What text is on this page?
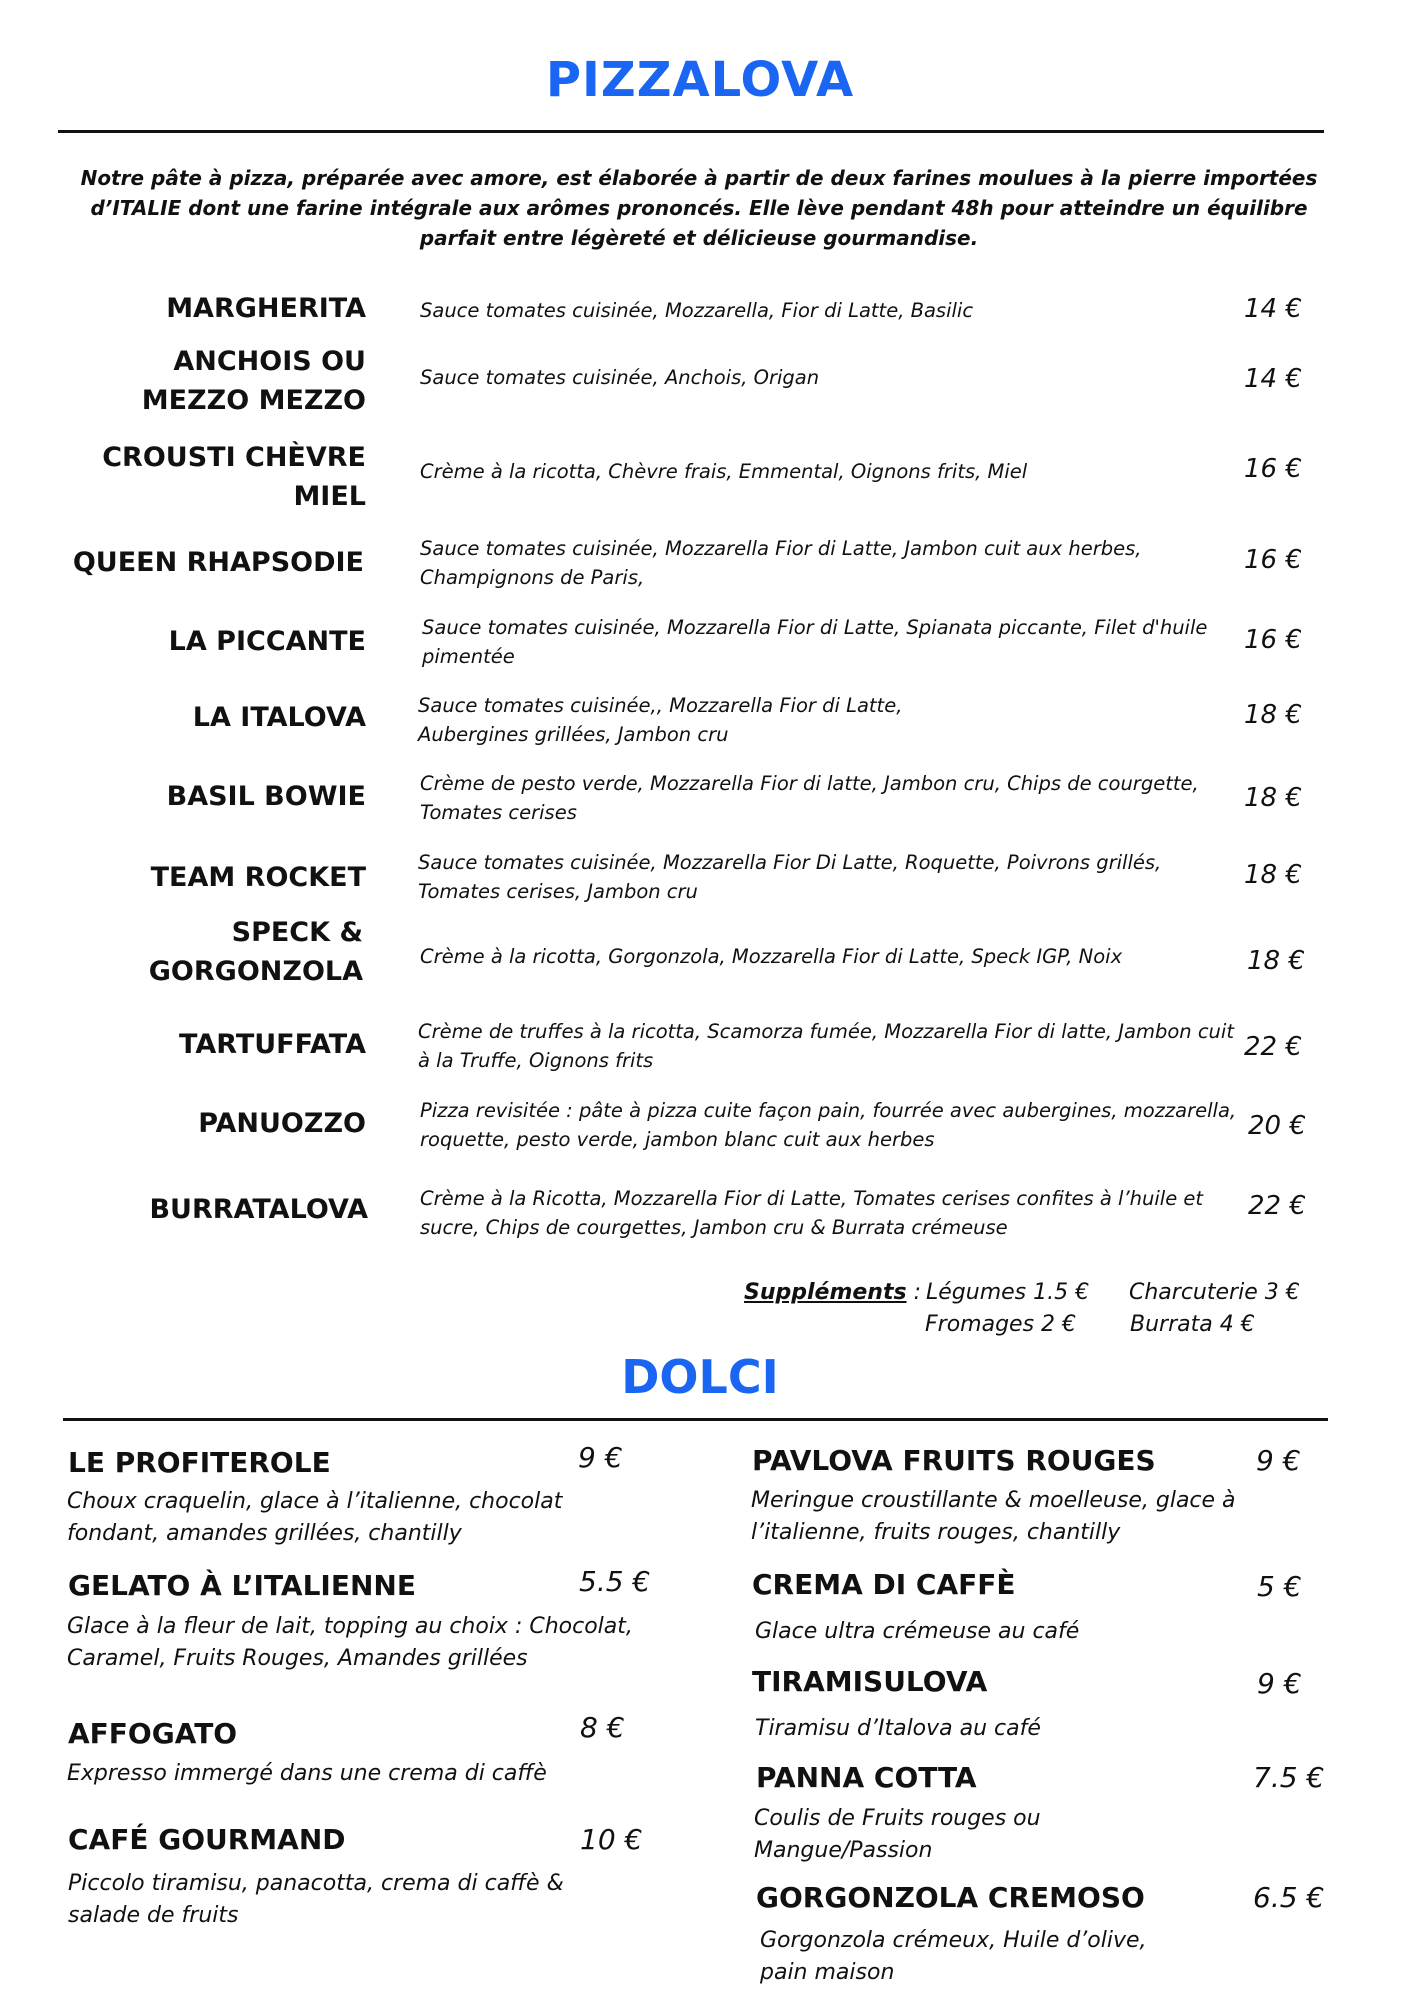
PIZZALOVA
Notre pâte à pizza, préparée avec amore, est élaborée à partir de deux farines moulues à la pierre importées d’ITALIE dont une farine intégrale aux arômes prononcés. Elle lève pendant 48h pour atteindre un équilibre parfait entre légèreté et délicieuse gourmandise.
MARGHERITA	Sauce tomates cuisinée, Mozzarella, Fior di Latte, Basilic	14 €
ANCHOIS OU
MEZZO MEZZO
Sauce tomates cuisinée, Anchois, Origan	14 €
CROUSTI CHÈVRE
MIEL
Crème à la ricotta, Chèvre frais, Emmental, Oignons frits, Miel	16 €
QUEEN RHAPSODIE	Sauce tomates cuisinée, Mozzarella Fior di Latte, Jambon cuit aux herbes, Champignons de Paris,
16 €
LA PICCANTE	Sauce tomates cuisinée, Mozzarella Fior di Latte, Spianata piccante, Filet d'huile pimentée
16 €
LA ITALOVA	Sauce tomates cuisinée,, Mozzarella Fior di Latte, Aubergines grillées, Jambon cru
18 €
BASIL BOWIE	Crème de pesto verde, Mozzarella Fior di latte, Jambon cru, Chips de courgette, Tomates cerises	18 €
TEAM ROCKET	Sauce tomates cuisinée, Mozzarella Fior Di Latte, Roquette, Poivrons grillés, Tomates cerises, Jambon cru
18 €
SPECK &
GORGONZOLA	Crème à la ricotta, Gorgonzola, Mozzarella Fior di Latte, Speck IGP, Noix	18 €
TARTUFFATA	Crème de truffes à la ricotta, Scamorza fumée, Mozzarella Fior di latte, Jambon cuit à la Truffe, Oignons frits	22 €
PANUOZZO	Pizza revisitée : pâte à pizza cuite façon pain, fourrée avec aubergines, mozzarella, roquette, pesto verde, jambon blanc cuit aux herbes	20 €
BURRATALOVA	Crème à la Ricotta, Mozzarella Fior di Latte, Tomates cerises confites à l’huile et sucre, Chips de courgettes, Jambon cru & Burrata crémeuse
22 €
Suppléments : Légumes 1.5 € Charcuterie 3 €
Fromages 2 € Burrata 4 €
DOLCI
LE PROFITEROLE	9 €
Choux craquelin, glace à l’italienne, chocolat fondant, amandes grillées, chantilly
GELATO À L’ITALIENNE	5.5 €
Glace à la fleur de lait, topping au choix : Chocolat, Caramel, Fruits Rouges, Amandes grillées
AFFOGATO	8 €
Expresso immergé dans une crema di caffè
CAFÉ GOURMAND	10 €
Piccolo tiramisu, panacotta, crema di caffè & salade de fruits
PAVLOVA FRUITS ROUGES	9 €
Meringue croustillante & moelleuse, glace à l’italienne, fruits rouges, chantilly
CREMA DI CAFFÈ	5 €
Glace ultra crémeuse au café
TIRAMISULOVA	9 €
Tiramisu d’Italova au café
PANNA COTTA	7.5 €
Coulis de Fruits rouges ou Mangue/Passion
GORGONZOLA CREMOSO	6.5 €
Gorgonzola crémeux, Huile d’olive, pain maison
